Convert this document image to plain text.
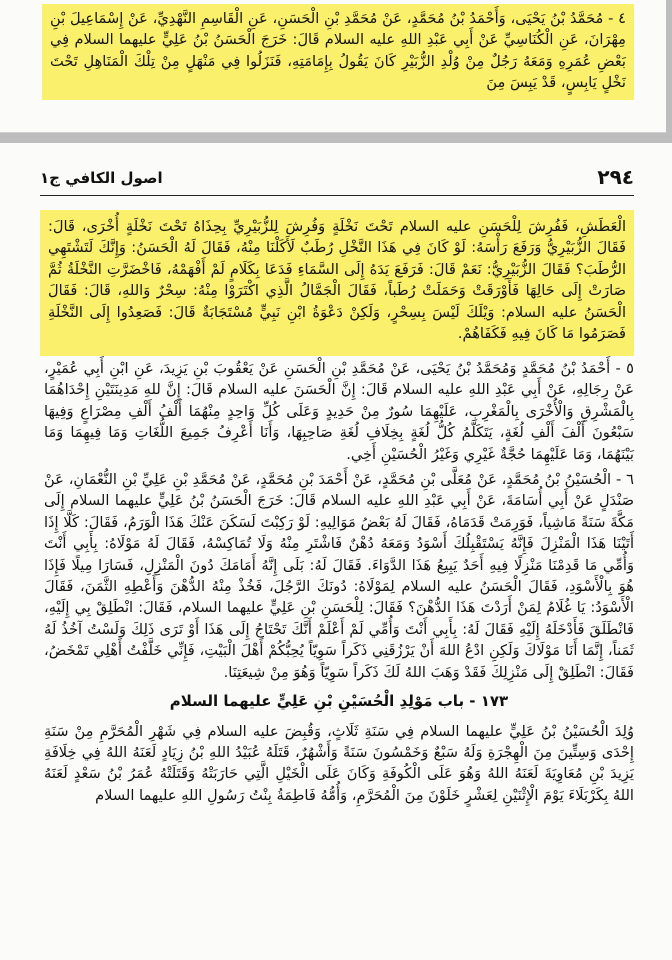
٤ - مُحَمَّدُ بْنُ يَحْيَى، وَأَحْمَدُ بْنُ مُحَمَّدٍ، عَنْ مُحَمَّدِ بْنِ الْحَسَنِ، عَنِ الْقَاسِمِ النَّهْدِيِّ، عَنْ إِسْمَاعِيلَ بْنِ مِهْرَانَ، عَنِ الْكُنَاسِيِّ عَنْ أَبِي عَبْدِ اللهِ عليه السلام قَالَ: خَرَجَ الْحَسَنُ بْنُ عَلِيٍّ عليهما السلام فِي بَعْضِ عُمَرِهِ وَمَعَهُ رَجُلٌ مِنْ وُلْدِ الزُّبَيْرِ كَانَ يَقُولُ بِإِمَامَتِهِ، فَنَزَلُوا فِي مَنْهَلٍ مِنْ تِلْكَ الْمَنَاهِلِ تَحْتَ نَخْلٍ يَابِسٍ، قَدْ يَبِسَ مِنَ

٢٩٤
اصول الكافي ج١

الْعَطَشِ، فَفُرِشَ لِلْحَسَنِ عليه السلام تَحْتَ نَخْلَةٍ وَفُرِشَ لِلزُّبَيْرِيِّ بِحِذَاهُ تَحْتَ نَخْلَةٍ أُخْرَى، قَالَ: فَقَالَ الزُّبَيْرِيُّ وَرَفَعَ رَأْسَهُ: لَوْ كَانَ فِي هَذَا النَّخْلِ رُطَبٌ لَأَكَلْنَا مِنْهُ، فَقَالَ لَهُ الْحَسَنُ: وَإِنَّكَ لَتَشْتَهِي الرُّطَبَ؟ فَقَالَ الزُّبَيْرِيُّ: نَعَمْ قَالَ: فَرَفَعَ يَدَهُ إِلَى السَّمَاءِ فَدَعَا بِكَلَامٍ لَمْ أَفْهَمْهُ، فَاخْضَرَّتِ النَّخْلَةُ ثُمَّ صَارَتْ إِلَى حَالِهَا فَأَوْرَقَتْ وَحَمَلَتْ رُطَباً، فَقَالَ الْجَمَّالُ الَّذِي اكْتَرَوْا مِنْهُ: سِحْرٌ وَاللهِ، قَالَ: فَقَالَ الْحَسَنُ عليه السلام: وَيْلَكَ لَيْسَ بِسِحْرٍ، وَلَكِنْ دَعْوَةُ ابْنِ نَبِيٍّ مُسْتَجَابَةٌ قَالَ: فَصَعِدُوا إِلَى النَّخْلَةِ فَصَرَمُوا مَا كَانَ فِيهِ فَكَفَاهُمْ.

٥ - أَحْمَدُ بْنُ مُحَمَّدٍ وَمُحَمَّدُ بْنُ يَحْيَى، عَنْ مُحَمَّدِ بْنِ الْحَسَنِ عَنْ يَعْقُوبَ بْنِ يَزِيدَ، عَنِ ابْنِ أَبِي عُمَيْرٍ، عَنْ رِجَالِهِ، عَنْ أَبِي عَبْدِ اللهِ عليه السلام قَالَ: إِنَّ الْحَسَنَ عليه السلام قَالَ: إِنَّ للهِ مَدِينَتَيْنِ إِحْدَاهُمَا بِالْمَشْرِقِ وَالْأُخْرَى بِالْمَغْرِبِ، عَلَيْهِمَا سُورٌ مِنْ حَدِيدٍ وَعَلَى كُلِّ وَاحِدٍ مِنْهُمَا أَلْفُ أَلْفِ مِصْرَاعٍ وَفِيهَا سَبْعُونَ أَلْفَ أَلْفِ لُغَةٍ، يَتَكَلَّمُ كُلُّ لُغَةٍ بِخِلَافِ لُغَةِ صَاحِبِهَا، وَأَنَا أَعْرِفُ جَمِيعَ اللُّغَاتِ وَمَا فِيهِمَا وَمَا بَيْنَهُمَا، وَمَا عَلَيْهِمَا حُجَّةٌ غَيْرِي وَغَيْرُ الْحُسَيْنِ أَخِي.

٦ - الْحُسَيْنُ بْنُ مُحَمَّدٍ، عَنْ مُعَلَّى بْنِ مُحَمَّدٍ، عَنْ أَحْمَدَ بْنِ مُحَمَّدٍ، عَنْ مُحَمَّدِ بْنِ عَلِيِّ بْنِ النُّعْمَانِ، عَنْ صَنْدَلٍ عَنْ أَبِي أُسَامَةَ، عَنْ أَبِي عَبْدِ اللهِ عليه السلام قَالَ: خَرَجَ الْحَسَنُ بْنُ عَلِيٍّ عليهما السلام إِلَى مَكَّةَ سَنَةً مَاشِياً، فَوَرِمَتْ قَدَمَاهُ، فَقَالَ لَهُ بَعْضُ مَوَالِيهِ: لَوْ رَكِبْتَ لَسَكَنَ عَنْكَ هَذَا الْوَرَمُ، فَقَالَ: كَلَّا إِذَا أَتَيْنَا هَذَا الْمَنْزِلَ فَإِنَّهُ يَسْتَقْبِلُكَ أَسْوَدُ وَمَعَهُ دُهْنٌ فَاشْتَرِ مِنْهُ وَلَا تُمَاكِسْهُ، فَقَالَ لَهُ مَوْلَاهُ: بِأَبِي أَنْتَ وَأُمِّي مَا قَدِمْنَا مَنْزِلًا فِيهِ أَحَدٌ يَبِيعُ هَذَا الدَّوَاءَ. فَقَالَ لَهُ: بَلَى إِنَّهُ أَمَامَكَ دُونَ الْمَنْزِلِ، فَسَارَا مِيلًا فَإِذَا هُوَ بِالْأَسْوَدِ، فَقَالَ الْحَسَنُ عليه السلام لِمَوْلَاهُ: دُونَكَ الرَّجُلَ، فَخُذْ مِنْهُ الدُّهْنَ وَأَعْطِهِ الثَّمَنَ، فَقَالَ الْأَسْوَدُ: يَا غُلَامُ لِمَنْ أَرَدْتَ هَذَا الدُّهْنَ؟ فَقَالَ: لِلْحَسَنِ بْنِ عَلِيٍّ عليهما السلام، فَقَالَ: انْطَلِقْ بِي إِلَيْهِ، فَانْطَلَقَ فَأَدْخَلَهُ إِلَيْهِ فَقَالَ لَهُ: بِأَبِي أَنْتَ وَأُمِّي لَمْ أَعْلَمْ أَنَّكَ تَحْتَاجُ إِلَى هَذَا أَوْ تَرَى ذَلِكَ وَلَسْتُ آخُذُ لَهُ ثَمَناً، إِنَّمَا أَنَا مَوْلَاكَ وَلَكِنِ ادْعُ اللهَ أَنْ يَرْزُقَنِي ذَكَراً سَوِيّاً يُحِبُّكُمْ أَهْلَ الْبَيْتِ، فَإِنِّي خَلَّفْتُ أَهْلِي تَمْخَضُ، فَقَالَ: انْطَلِقْ إِلَى مَنْزِلِكَ فَقَدْ وَهَبَ اللهُ لَكَ ذَكَراً سَوِيّاً وَهُوَ مِنْ شِيعَتِنَا.

١٧٣ - باب مَوْلِدِ الْحُسَيْنِ بْنِ عَلِيٍّ عليهما السلام

وُلِدَ الْحُسَيْنُ بْنُ عَلِيٍّ عليهما السلام فِي سَنَةِ ثَلَاثٍ، وَقُبِضَ عليه السلام فِي شَهْرِ الْمُحَرَّمِ مِنْ سَنَةِ إِحْدَى وَسِتِّينَ مِنَ الْهِجْرَةِ وَلَهُ سَبْعٌ وَخَمْسُونَ سَنَةً وَأَشْهُرٌ، قَتَلَهُ عُبَيْدُ اللهِ بْنُ زِيَادٍ لَعَنَهُ اللهُ فِي خِلَافَةِ يَزِيدَ بْنِ مُعَاوِيَةَ لَعَنَهُ اللهُ وَهُوَ عَلَى الْكُوفَةِ وَكَانَ عَلَى الْخَيْلِ الَّتِي حَارَبَتْهُ وَقَتَلَتْهُ عُمَرُ بْنُ سَعْدٍ لَعَنَهُ اللهُ بِكَرْبَلَاءَ يَوْمَ الْإِثْنَيْنِ لِعَشْرٍ خَلَوْنَ مِنَ الْمُحَرَّمِ، وَأُمُّهُ فَاطِمَةُ بِنْتُ رَسُولِ اللهِ عليهما السلام
